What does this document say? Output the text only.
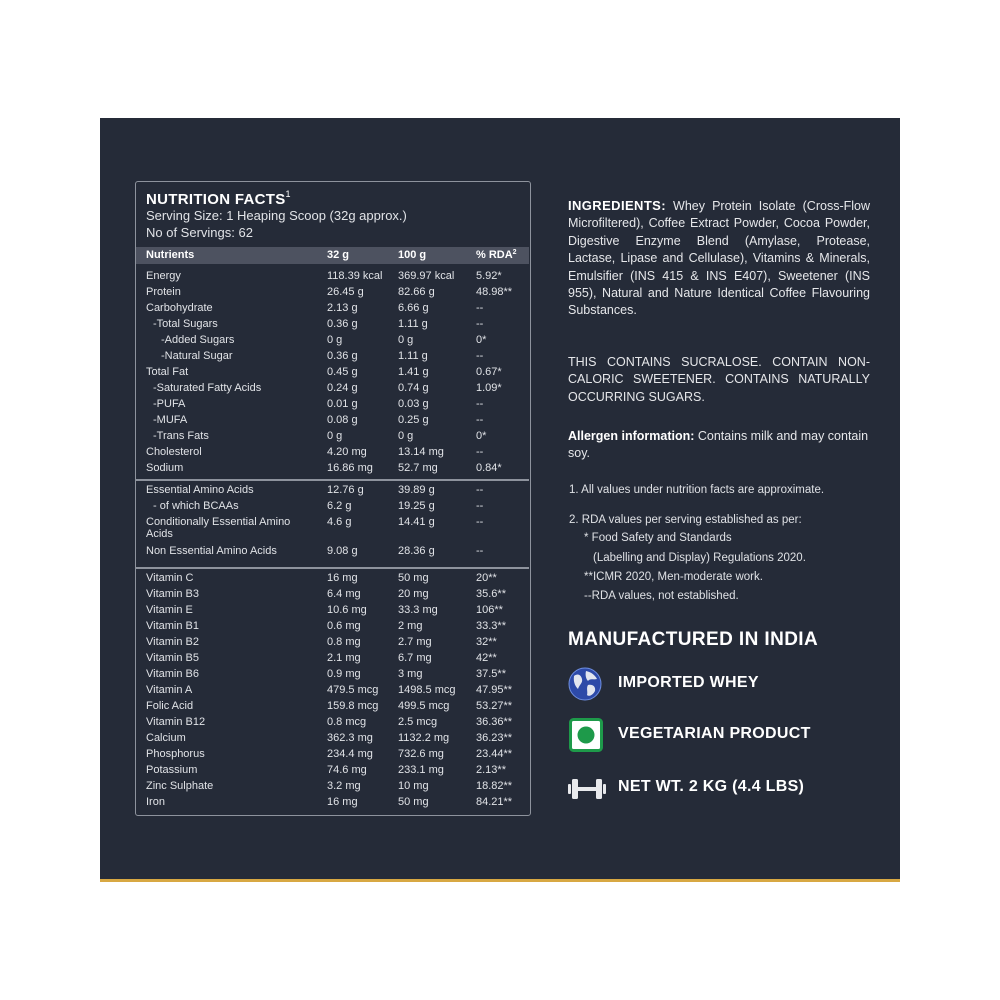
NUTRITION FACTS$^1$
Serving Size: 1 Heaping Scoop (32g approx.)
No of Servings: 62
Nutrients	32 g	100 g	% RDA$^2$
Energy	118.39 kcal 369.97 kcal 5.92*
Protein	26.45 g	82.66 g	48.98**
Carbohydrate	2.13 g	6.66 g	--
-Total Sugars	0.36 g	1.11 g	--
-Added Sugars	0 g	0 g	0*
-Natural Sugar	0.36 g	1.11 g	--
Total Fat	0.45 g	1.41 g	0.67*
-Saturated Fatty Acids	0.24 g	0.74 g	1.09*
-PUFA	0.01 g	0.03 g	--
-MUFA	0.08 g	0.25 g	--
-Trans Fats	0 g	0 g	0*
Cholesterol	4.20 mg	13.14 mg	--
Sodium	16.86 mg 52.7 mg	0.84*
Essential Amino Acids	12.76 g	39.89 g	--
- of which BCAAs	6.2 g	19.25 g	--
Conditionally Essential Amino Acids
4.6 g	14.41 g	--
Non Essential Amino Acids	9.08 g	28.36 g	--
Vitamin C	16 mg	50 mg	20**
Vitamin B3	6.4 mg	20 mg	35.6**
Vitamin E	10.6 mg	33.3 mg	106**
Vitamin B1	0.6 mg	2 mg	33.3**
Vitamin B2	0.8 mg	2.7 mg	32**
Vitamin B5	2.1 mg	6.7 mg	42**
Vitamin B6	0.9 mg	3 mg	37.5**
Vitamin A	479.5 mcg 1498.5 mcg 47.95**
Folic Acid	159.8 mcg 499.5 mcg 53.27**
Vitamin B12	0.8 mcg	2.5 mcg	36.36**
Calcium	362.3 mg 1132.2 mg 36.23**
Phosphorus	234.4 mg 732.6 mg	23.44**
Potassium	74.6 mg	233.1 mg	2.13**
Zinc Sulphate	3.2 mg	10 mg	18.82**
Iron	16 mg	50 mg	84.21**
INGREDIENTS: Whey Protein Isolate (Cross-Flow Microfiltered), Coffee Extract Powder, Cocoa Powder, Digestive Enzyme Blend (Amylase, Protease, Lactase, Lipase and Cellulase), Vitamins & Minerals, Emulsifier (INS 415 & INS E407), Sweetener (INS 955), Natural and Nature Identical Coffee Flavouring Substances.
THIS CONTAINS SUCRALOSE. CONTAIN NON-CALORIC SWEETENER. CONTAINS NATURALLY OCCURRING SUGARS.
Allergen information: Contains milk and may contain soy.
1. All values under nutrition facts are approximate.
2. RDA values per serving established as per:
* Food Safety and Standards
(Labelling and Display) Regulations 2020.
**ICMR 2020, Men-moderate work.
--RDA values, not established.
MANUFACTURED IN INDIA
IMPORTED WHEY
VEGETARIAN PRODUCT
NET WT. 2 KG (4.4 LBS)
